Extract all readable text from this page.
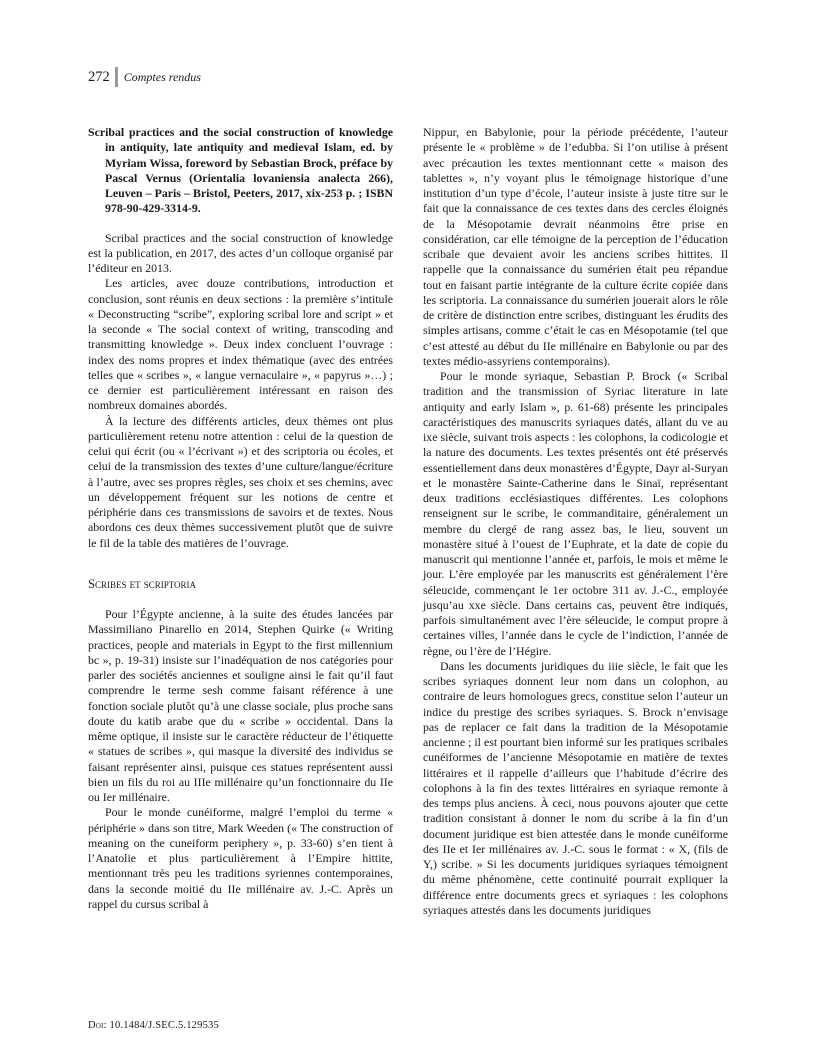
272 Comptes rendus

Scribal practices and the social construction of knowledge in antiquity, late antiquity and medieval Islam, ed. by Myriam Wissa, foreword by Sebastian Brock, préface by Pascal Vernus (Orientalia lovaniensia analecta 266), Leuven – Paris – Bristol, Peeters, 2017, xix-253 p. ; ISBN 978-90-429-3314-9.

Scribal practices and the social construction of knowledge est la publication, en 2017, des actes d’un colloque organisé par l’éditeur en 2013.

Les articles, avec douze contributions, introduction et conclusion, sont réunis en deux sections : la première s’intitule « Deconstructing “scribe”, exploring scribal lore and script » et la seconde « The social context of writing, transcoding and transmitting knowledge ». Deux index concluent l’ouvrage : index des noms propres et index thématique (avec des entrées telles que « scribes », « langue vernaculaire », « papyrus »…) ; ce dernier est particulièrement intéressant en raison des nombreux domaines abordés.

À la lecture des différents articles, deux thèmes ont plus particulièrement retenu notre attention : celui de la question de celui qui écrit (ou « l’écrivant ») et des scriptoria ou écoles, et celui de la transmission des textes d’une culture/langue/écriture à l’autre, avec ses propres règles, ses choix et ses chemins, avec un développement fréquent sur les notions de centre et périphérie dans ces transmissions de savoirs et de textes. Nous abordons ces deux thèmes successivement plutôt que de suivre le fil de la table des matières de l’ouvrage.

Scribes et scriptoria

Pour l’Égypte ancienne, à la suite des études lancées par Massimiliano Pinarello en 2014, Stephen Quirke (« Writing practices, people and materials in Egypt to the first millennium bc », p. 19-31) insiste sur l’inadéquation de nos catégories pour parler des sociétés anciennes et souligne ainsi le fait qu’il faut comprendre le terme sesh comme faisant référence à une fonction sociale plutôt qu’à une classe sociale, plus proche sans doute du katib arabe que du « scribe » occidental. Dans la même optique, il insiste sur le caractère réducteur de l’étiquette « statues de scribes », qui masque la diversité des individus se faisant représenter ainsi, puisque ces statues représentent aussi bien un fils du roi au IIIe millénaire qu’un fonctionnaire du IIe ou Ier millénaire.

Pour le monde cunéiforme, malgré l’emploi du terme « périphérie » dans son titre, Mark Weeden (« The construction of meaning on the cuneiform periphery », p. 33-60) s’en tient à l’Anatolie et plus particulièrement à l’Empire hittite, mentionnant très peu les traditions syriennes contemporaines, dans la seconde moitié du IIe millénaire av. J.-C. Après un rappel du cursus scribal à

Nippur, en Babylonie, pour la période précédente, l’auteur présente le « problème » de l’edubba. Si l’on utilise à présent avec précaution les textes mentionnant cette « maison des tablettes », n’y voyant plus le témoignage historique d’une institution d’un type d’école, l’auteur insiste à juste titre sur le fait que la connaissance de ces textes dans des cercles éloignés de la Mésopotamie devrait néanmoins être prise en considération, car elle témoigne de la perception de l’éducation scribale que devaient avoir les anciens scribes hittites. Il rappelle que la connaissance du sumérien était peu répandue tout en faisant partie intégrante de la culture écrite copiée dans les scriptoria. La connaissance du sumérien jouerait alors le rôle de critère de distinction entre scribes, distinguant les érudits des simples artisans, comme c’était le cas en Mésopotamie (tel que c’est attesté au début du IIe millénaire en Babylonie ou par des textes médio-assyriens contemporains).

Pour le monde syriaque, Sebastian P. Brock (« Scribal tradition and the transmission of Syriac literature in late antiquity and early Islam », p. 61-68) présente les principales caractéristiques des manuscrits syriaques datés, allant du ve au ixe siècle, suivant trois aspects : les colophons, la codicologie et la nature des documents. Les textes présentés ont été préservés essentiellement dans deux monastères d’Égypte, Dayr al-Suryan et le monastère Sainte-Catherine dans le Sinaï, représentant deux traditions ecclésiastiques différentes. Les colophons renseignent sur le scribe, le commanditaire, généralement un membre du clergé de rang assez bas, le lieu, souvent un monastère situé à l’ouest de l’Euphrate, et la date de copie du manuscrit qui mentionne l’année et, parfois, le mois et même le jour. L’ère employée par les manuscrits est généralement l’ère séleucide, commençant le 1er octobre 311 av. J.-C., employée jusqu’au xxe siècle. Dans certains cas, peuvent être indiqués, parfois simultanément avec l’ère séleucide, le comput propre à certaines villes, l’année dans le cycle de l’indiction, l’année de règne, ou l’ère de l’Hégire.

Dans les documents juridiques du iiie siècle, le fait que les scribes syriaques donnent leur nom dans un colophon, au contraire de leurs homologues grecs, constitue selon l’auteur un indice du prestige des scribes syriaques. S. Brock n’envisage pas de replacer ce fait dans la tradition de la Mésopotamie ancienne ; il est pourtant bien informé sur les pratiques scribales cunéiformes de l’ancienne Mésopotamie en matière de textes littéraires et il rappelle d’ailleurs que l’habitude d’écrire des colophons à la fin des textes littéraires en syriaque remonte à des temps plus anciens. À ceci, nous pouvons ajouter que cette tradition consistant à donner le nom du scribe à la fin d’un document juridique est bien attestée dans le monde cunéiforme des IIe et Ier millénaires av. J.-C. sous le format : « X, (fils de Y,) scribe. » Si les documents juridiques syriaques témoignent du même phénomène, cette continuité pourrait expliquer la différence entre documents grecs et syriaques : les colophons syriaques attestés dans les documents juridiques

Doi: 10.1484/J.SEC.5.129535
